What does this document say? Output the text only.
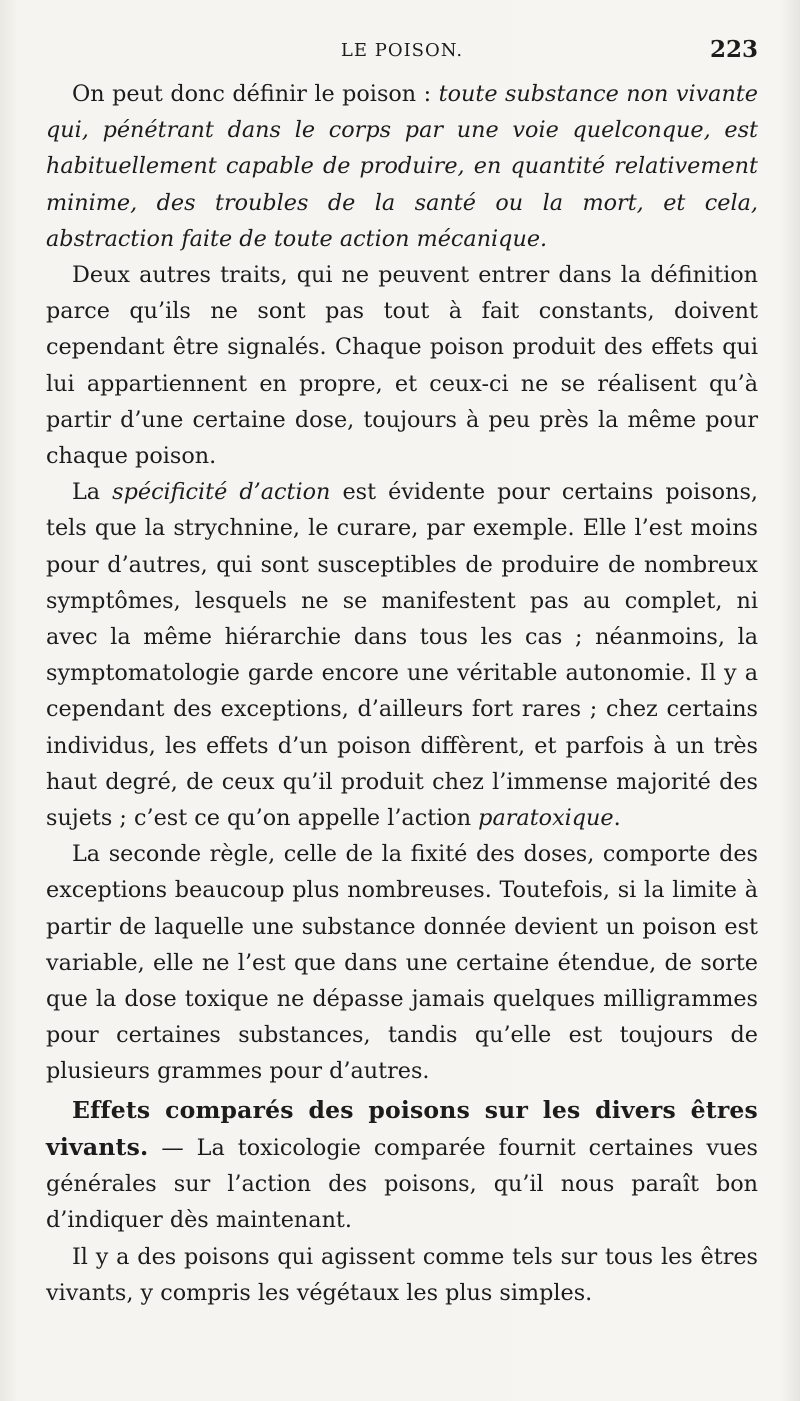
LE POISON.	223

On peut donc définir le poison : toute substance non vivante qui, pénétrant dans le corps par une voie quelconque, est habituellement capable de produire, en quantité relativement minime, des troubles de la santé ou la mort, et cela, abstraction faite de toute action mécanique.

Deux autres traits, qui ne peuvent entrer dans la définition parce qu’ils ne sont pas tout à fait constants, doivent cependant être signalés. Chaque poison produit des effets qui lui appartiennent en propre, et ceux-ci ne se réalisent qu’à partir d’une certaine dose, toujours à peu près la même pour chaque poison.

La spécificité d’action est évidente pour certains poisons, tels que la strychnine, le curare, par exemple. Elle l’est moins pour d’autres, qui sont susceptibles de produire de nombreux symptômes, lesquels ne se manifestent pas au complet, ni avec la même hiérarchie dans tous les cas ; néanmoins, la symptomatologie garde encore une véritable autonomie. Il y a cependant des exceptions, d’ailleurs fort rares ; chez certains individus, les effets d’un poison diffèrent, et parfois à un très haut degré, de ceux qu’il produit chez l’immense majorité des sujets ; c’est ce qu’on appelle l’action paratoxique.

La seconde règle, celle de la fixité des doses, comporte des exceptions beaucoup plus nombreuses. Toutefois, si la limite à partir de laquelle une substance donnée devient un poison est variable, elle ne l’est que dans une certaine étendue, de sorte que la dose toxique ne dépasse jamais quelques milligrammes pour certaines substances, tandis qu’elle est toujours de plusieurs grammes pour d’autres.

Effets comparés des poisons sur les divers êtres vivants. — La toxicologie comparée fournit certaines vues générales sur l’action des poisons, qu’il nous paraît bon d’indiquer dès maintenant.

Il y a des poisons qui agissent comme tels sur tous les êtres vivants, y compris les végétaux les plus simples.
